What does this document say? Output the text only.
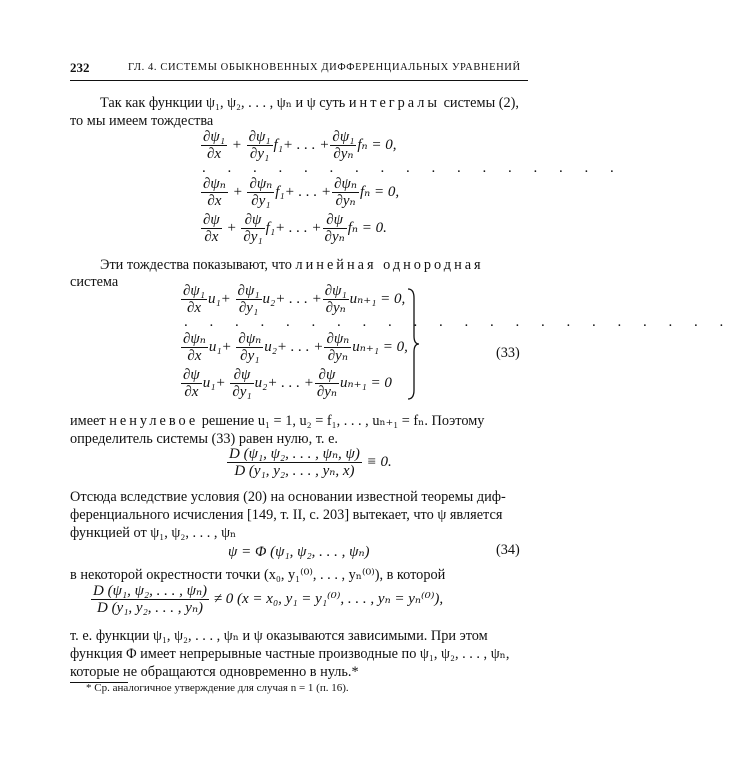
232	ГЛ. 4. СИСТЕМЫ ОБЫКНОВЕННЫХ ДИФФЕРЕНЦИАЛЬНЫХ УРАВНЕНИЙ
Так как функции ψ₁, ψ₂, . . . , ψₙ и ψ суть интегралы системы (2),
то мы имеем тождества
$\frac{\text{∂ψ₁}}{\partial x} + \frac{\text{∂ψ₁}}{\text{∂y₁}} f_1+$ . . . + $\frac{\text{∂ψ₁}}{\text{∂yₙ}}$ fₙ = 0,
. . . . . . . . . . . . . . . . .
$\frac{\text{∂ψₙ}}{\partial x} + \frac{\text{∂ψₙ}}{\text{∂y₁}} f_1+$ . . . + $\frac{\text{∂ψₙ}}{\text{∂yₙ}}$ fₙ = 0,
$\frac{\partial\psi}{\partial x} + \frac{\partial\psi}{\text{∂y₁}} f_1+$ . . . + $\frac{\partial\psi}{\text{∂yₙ}}$ fₙ = 0.
Эти тождества показывают, что линейная однородная
система
$\frac{\text{∂ψ₁}}{\partial x} u_1+ \frac{\text{∂ψ₁}}{\text{∂y₁}} u_2+$ . . . + $\frac{\text{∂ψ₁}}{\text{∂yₙ}} u_{n+1} = 0$,
. . . . . . . . . . . . . . . . . . . . . .
$\frac{\text{∂ψₙ}}{\partial x} u_1+ \frac{\text{∂ψₙ}}{\text{∂y₁}} u_2+$ . . . + $\frac{\text{∂ψₙ}}{\text{∂yₙ}} u_{n+1} = 0$,
$\frac{\partial\psi}{\partial x} u_1+ \frac{\partial\psi}{\text{∂y₁}} u_2+$ . . . + $\frac{\partial\psi}{\text{∂yₙ}} u_{n+1} = 0$
(33)
имеет ненулевое решение u₁ = 1, u₂ = f₁, . . . , uₙ₊₁ = fₙ. Поэтому
определитель системы (33) равен нулю, т. е.
$\frac{\text{D (ψ₁, ψ₂, . . . , ψₙ, ψ)}}{\text{D (y₁, y₂, . . . , yₙ, x)}} \equiv 0$.
Отсюда вследствие условия (20) на основании известной теоремы диф-
ференциального исчисления [149, т. II, с. 203] вытекает, что ψ является
функцией от ψ₁, ψ₂, . . . , ψₙ
ψ = Φ (ψ₁, ψ₂, . . . , ψₙ)	(34)
в некоторой окрестности точки (x₀, y₁⁽⁰⁾, . . . , yₙ⁽⁰⁾), в которой
$\frac{\text{D (ψ₁, ψ₂, . . . , ψₙ)}}{\text{D (y₁, y₂, . . . , yₙ)}} \ne 0$ (x = x₀, y₁ = y₁⁽⁰⁾, . . . , yₙ = yₙ⁽⁰⁾),
т. е. функции ψ₁, ψ₂, . . . , ψₙ и ψ оказываются зависимыми. При этом
функция Φ имеет непрерывные частные производные по ψ₁, ψ₂, . . . , ψₙ,
которые не обращаются одновременно в нуль.*
* Ср. аналогичное утверждение для случая n = 1 (п. 16).
